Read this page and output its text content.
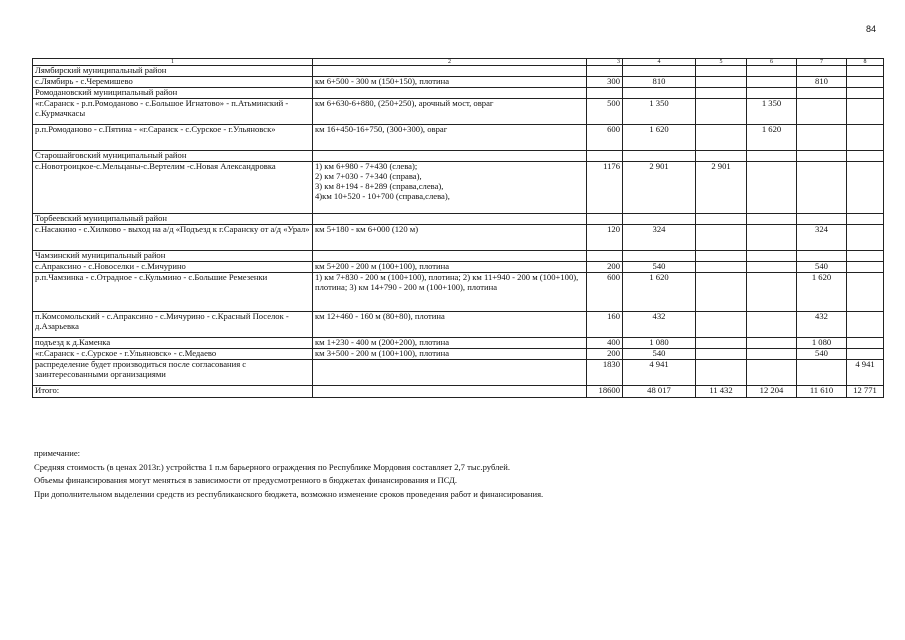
84
1	2	3	4	5	6	7	8
Лямбирский муниципальный район							
с.Лямбирь - с.Черемишево	км 6+500 - 300 м (150+150), плотина	300	810			810	
Ромодановский муниципальный район							
«г.Саранск - р.п.Ромоданово - с.Большое Игнатово» - п.Атьминский - с.Курмачкасы	км 6+630-6+880, (250+250), арочный мост, овраг	500	1 350		1 350		
р.п.Ромоданово - с.Пятина - «г.Саранск - с.Сурское - г.Ульяновск»	км 16+450-16+750, (300+300), овраг	600	1 620		1 620		
Старошайговский муниципальный район							
с.Новотроицкое-с.Мельцаны-с.Вертелим -с.Новая Александровка	1) км 6+980 - 7+430 (слева);
2) км 7+030 - 7+340 (справа),
3) км 8+194 - 8+289 (справа,слева),
4)км 10+520 - 10+700 (справа,слева),	1176	2 901	2 901			
Торбеевский муниципальный район							
с.Насакино - с.Хилково - выход на а/д «Подъезд к г.Саранску от а/д «Урал»	км 5+180 - км 6+000 (120 м)	120	324			324	
Чамзинский муниципальный район							
с.Апраксино - с.Новоселки - с.Мичурино	км 5+200 - 200 м (100+100), плотина	200	540			540	
р.п.Чамзинка - с.Отрадное - с.Кульмино - с.Большие Ремезенки	1) км 7+830 - 200 м (100+100), плотина; 2) км 11+940 - 200 м (100+100), плотина; 3) км 14+790 - 200 м (100+100), плотина	600	1 620			1 620	
п.Комсомольский - с.Апраксино - с.Мичурино - с.Красный Поселок - д.Азарьевка	км 12+460 - 160 м (80+80), плотина	160	432			432	
подъезд к д.Каменка	км 1+230 - 400 м (200+200), плотина	400	1 080			1 080	
«г.Саранск - с.Сурское - г.Ульяновск» - с.Медаево	км 3+500 - 200 м (100+100), плотина	200	540			540	
распределение будет производиться после согласования с заинтересованными организациями		1830	4 941				4 941
Итого:		18600	48 017	11 432	12 204	11 610	12 771
примечание:
Средняя стоимость (в ценах 2013г.) устройства 1 п.м барьерного ограждения по Республике Мордовия составляет 2,7 тыс.рублей.
Объемы финансирования могут меняться в зависимости от предусмотренного в бюджетах финансирования и ПСД.
При дополнительном выделении средств из республиканского бюджета, возможно изменение сроков проведения работ и финансирования.
